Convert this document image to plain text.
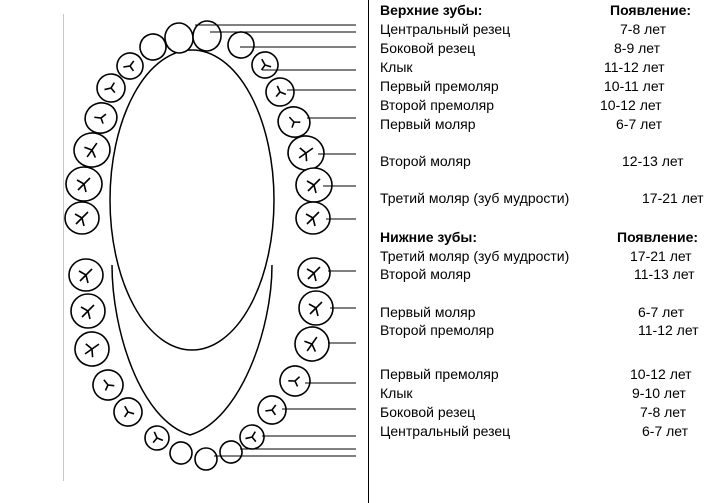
Верхние зубы:	Появление:
Центральный резец	7-8 лет
Боковой резец	8-9 лет
Клык	11-12 лет
Первый премоляр	10-11 лет
Второй премоляр	10-12 лет
Первый моляр	6-7 лет
Второй моляр	12-13 лет
Третий моляр (зуб мудрости)	17-21 лет
Нижние зубы:	Появление:
Третий моляр (зуб мудрости)	17-21 лет
Второй моляр	11-13 лет
Первый моляр	6-7 лет
Второй премоляр	11-12 лет
Первый премоляр	10-12 лет
Клык	9-10 лет
Боковой резец	7-8 лет
Центральный резец	6-7 лет
